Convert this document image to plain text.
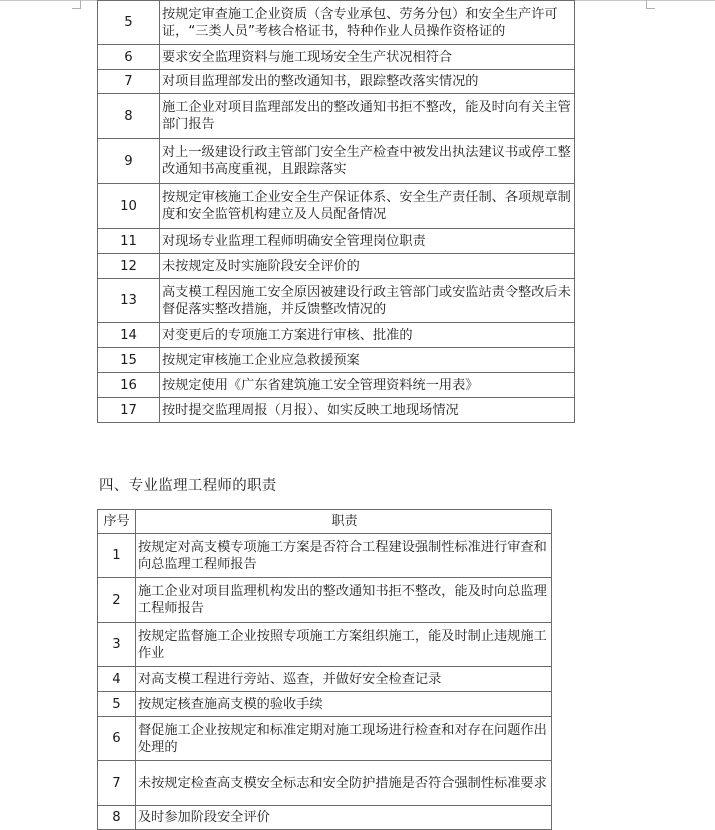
5	按规定审查施工企业资质（含专业承包、劳务分包）和安全生产许可证，“三类人员”考核合格证书，特种作业人员操作资格证的
6	要求安全监理资料与施工现场安全生产状况相符合
7	对项目监理部发出的整改通知书，跟踪整改落实情况的
8	施工企业对项目监理部发出的整改通知书拒不整改，能及时向有关主管部门报告
9	对上一级建设行政主管部门安全生产检查中被发出执法建议书或停工整改通知书高度重视，且跟踪落实
10	按规定审核施工企业安全生产保证体系、安全生产责任制、各项规章制度和安全监管机构建立及人员配备情况
11	对现场专业监理工程师明确安全管理岗位职责
12	未按规定及时实施阶段安全评价的
13	高支模工程因施工安全原因被建设行政主管部门或安监站责令整改后未督促落实整改措施，并反馈整改情况的
14	对变更后的专项施工方案进行审核、批准的
15	按规定审核施工企业应急救援预案
16	按规定使用《广东省建筑施工安全管理资料统一用表》
17	按时提交监理周报（月报）、如实反映工地现场情况
四、专业监理工程师的职责
序号	职责
1	按规定对高支模专项施工方案是否符合工程建设强制性标准进行审查和向总监理工程师报告
2	施工企业对项目监理机构发出的整改通知书拒不整改，能及时向总监理工程师报告
3	按规定监督施工企业按照专项施工方案组织施工，能及时制止违规施工作业
4	对高支模工程进行旁站、巡查，并做好安全检查记录
5	按规定核查施高支模的验收手续
6	督促施工企业按规定和标准定期对施工现场进行检查和对存在问题作出处理的
7	未按规定检查高支模安全标志和安全防护措施是否符合强制性标准要求
8	及时参加阶段安全评价
